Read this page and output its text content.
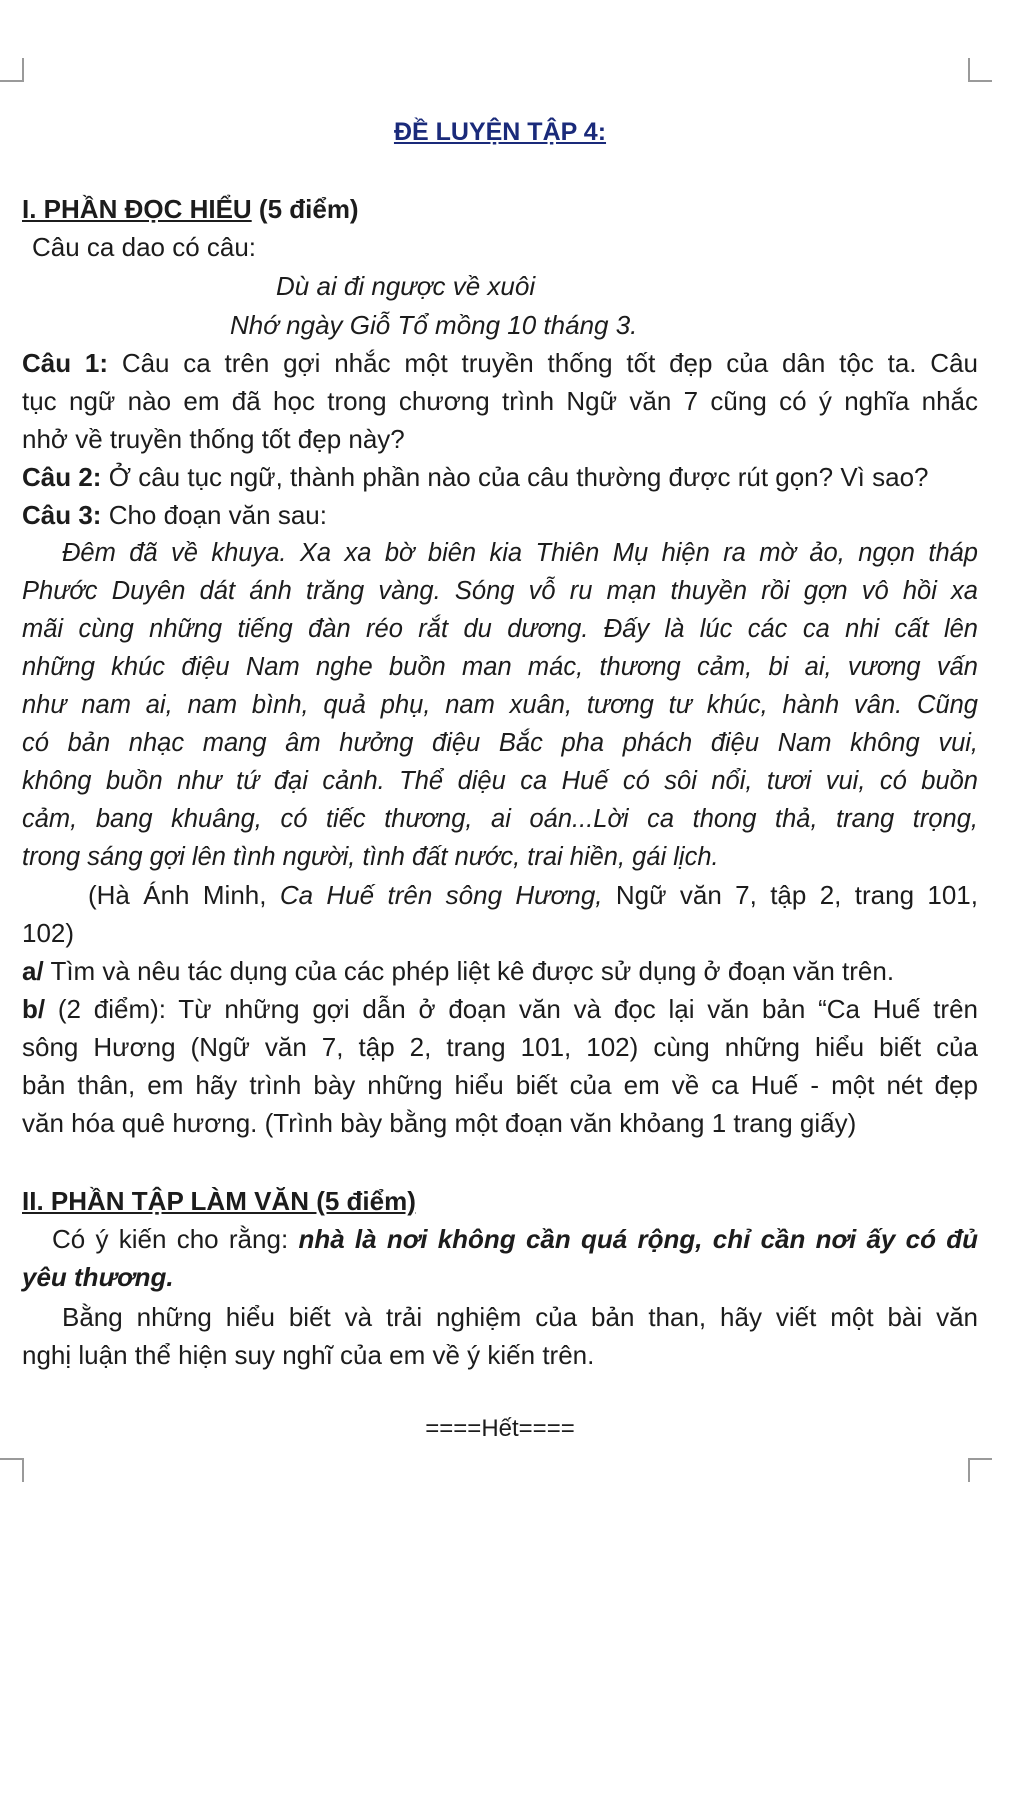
ĐỀ LUYỆN TẬP 4:
I. PHẦN ĐỌC HIỂU (5 điểm)
Câu ca dao có câu:
Dù ai đi ngược về xuôi
Nhớ ngày Giỗ Tổ mồng 10 tháng 3.
Câu 1: Câu ca trên gợi nhắc một truyền thống tốt đẹp của dân tộc ta. Câu
tục ngữ nào em đã học trong chương trình Ngữ văn 7 cũng có ý nghĩa nhắc
nhở về truyền thống tốt đẹp này?
Câu 2: Ở câu tục ngữ, thành phần nào của câu thường được rút gọn? Vì sao?
Câu 3: Cho đoạn văn sau:
Đêm đã về khuya. Xa xa bờ biên kia Thiên Mụ hiện ra mờ ảo, ngọn tháp
Phước Duyên dát ánh trăng vàng. Sóng vỗ ru mạn thuyền rồi gợn vô hồi xa
mãi cùng những tiếng đàn réo rắt du dương. Đấy là lúc các ca nhi cất lên
những khúc điệu Nam nghe buồn man mác, thương cảm, bi ai, vương vấn
như nam ai, nam bình, quả phụ, nam xuân, tương tư khúc, hành vân. Cũng
có bản nhạc mang âm hưởng điệu Bắc pha phách điệu Nam không vui,
không buồn như tứ đại cảnh. Thể diệu ca Huế có sôi nổi, tươi vui, có buồn
cảm, bang khuâng, có tiếc thương, ai oán...Lời ca thong thả, trang trọng,
trong sáng gợi lên tình người, tình đất nước, trai hiền, gái lịch.
(Hà Ánh Minh, Ca Huế trên sông Hương, Ngữ văn 7, tập 2, trang 101,
102)
a/ Tìm và nêu tác dụng của các phép liệt kê được sử dụng ở đoạn văn trên.
b/ (2 điểm): Từ những gợi dẫn ở đoạn văn và đọc lại văn bản “Ca Huế trên
sông Hương (Ngữ văn 7, tập 2, trang 101, 102) cùng những hiểu biết của
bản thân, em hãy trình bày những hiểu biết của em về ca Huế - một nét đẹp
văn hóa quê hương. (Trình bày bằng một đoạn văn khỏang 1 trang giấy)
II. PHẦN TẬP LÀM VĂN (5 điểm)
Có ý kiến cho rằng: nhà là nơi không cần quá rộng, chỉ cần nơi ấy có đủ
yêu thương.
Bằng những hiểu biết và trải nghiệm của bản than, hãy viết một bài văn
nghị luận thể hiện suy nghĩ của em về ý kiến trên.
====Hết====
